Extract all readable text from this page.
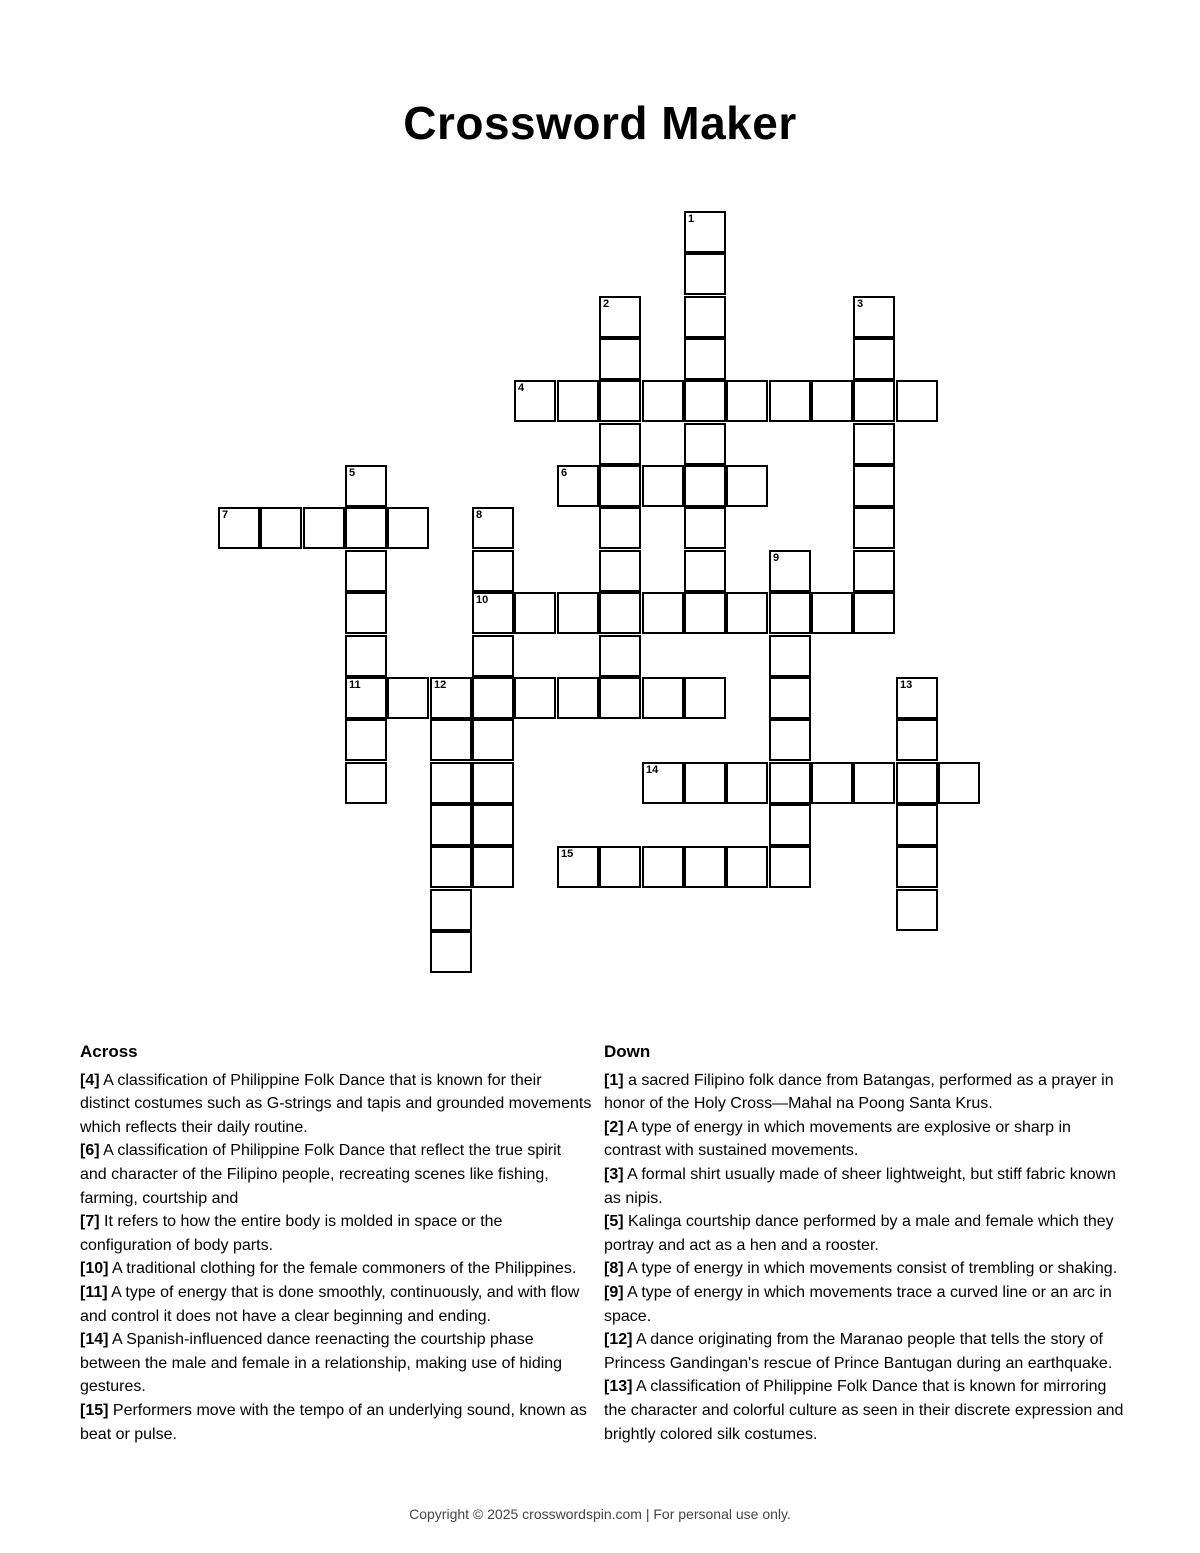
Crossword Maker
1
2	3
4
5
11
6
7	8
10
9
12	13
14
15
Across

[4] A classification of Philippine Folk Dance that is known for their distinct costumes such as G-strings and tapis and grounded movements which reflects their daily routine.

[6] A classification of Philippine Folk Dance that reflect the true spirit and character of the Filipino people, recreating scenes like fishing, farming, courtship and

[7] It refers to how the entire body is molded in space or the configuration of body parts.

[10] A traditional clothing for the female commoners of the Philippines.

[11] A type of energy that is done smoothly, continuously, and with flow and control it does not have a clear beginning and ending.

[14] A Spanish-influenced dance reenacting the courtship phase between the male and female in a relationship, making use of hiding gestures.

[15] Performers move with the tempo of an underlying sound, known as beat or pulse.

Down

[1] a sacred Filipino folk dance from Batangas, performed as a prayer in honor of the Holy Cross—Mahal na Poong Santa Krus.

[2] A type of energy in which movements are explosive or sharp in contrast with sustained movements.

[3] A formal shirt usually made of sheer lightweight, but stiff fabric known as nipis.

[5] Kalinga courtship dance performed by a male and female which they portray and act as a hen and a rooster.

[8] A type of energy in which movements consist of trembling or shaking.

[9] A type of energy in which movements trace a curved line or an arc in space.

[12] A dance originating from the Maranao people that tells the story of Princess Gandingan's rescue of Prince Bantugan during an earthquake.

[13] A classification of Philippine Folk Dance that is known for mirroring the character and colorful culture as seen in their discrete expression and brightly colored silk costumes.

Copyright © 2025 crosswordspin.com | For personal use only.
